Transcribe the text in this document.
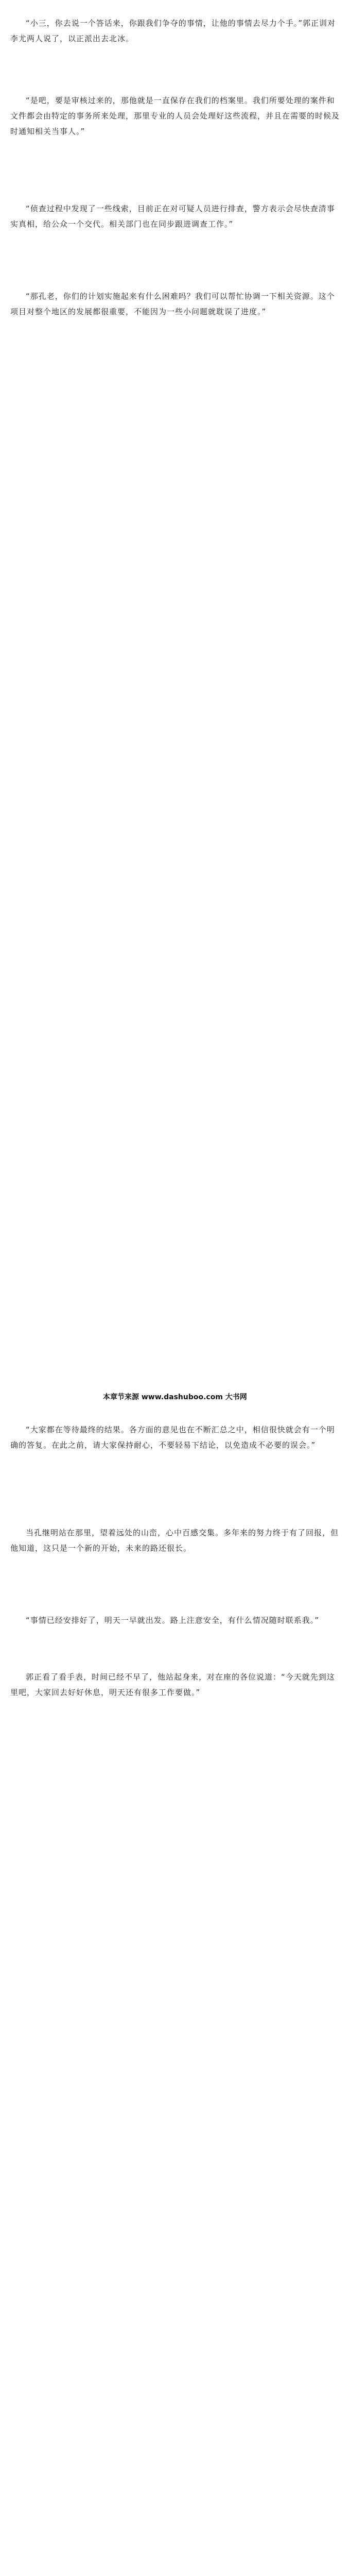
“小三，你去说一个答话来，你跟我们争夺的事情，让他的事情去尽力个手。”郭正训对李尤两人说了，以正派出去北冰。

“是吧，要是审核过来的，那他就是一直保存在我们的档案里。我们所要处理的案件和文件都会由特定的事务所来处理，那里专业的人员会处理好这些流程，并且在需要的时候及时通知相关当事人。”

“侦查过程中发现了一些线索，目前正在对可疑人员进行排查，警方表示会尽快查清事实真相，给公众一个交代。相关部门也在同步跟进调查工作。”

“那孔老，你们的计划实施起来有什么困难吗？我们可以帮忙协调一下相关资源。这个项目对整个地区的发展都很重要，不能因为一些小问题就耽误了进度。”

本章节来源 www.dashuboo.com 大书网

“大家都在等待最终的结果。各方面的意见也在不断汇总之中，相信很快就会有一个明确的答复。在此之前，请大家保持耐心，不要轻易下结论，以免造成不必要的误会。”

当孔继明站在那里，望着远处的山峦，心中百感交集。多年来的努力终于有了回报，但他知道，这只是一个新的开始，未来的路还很长。

“事情已经安排好了，明天一早就出发。路上注意安全，有什么情况随时联系我。”

郭正看了看手表，时间已经不早了，他站起身来，对在座的各位说道：“今天就先到这里吧，大家回去好好休息，明天还有很多工作要做。”
